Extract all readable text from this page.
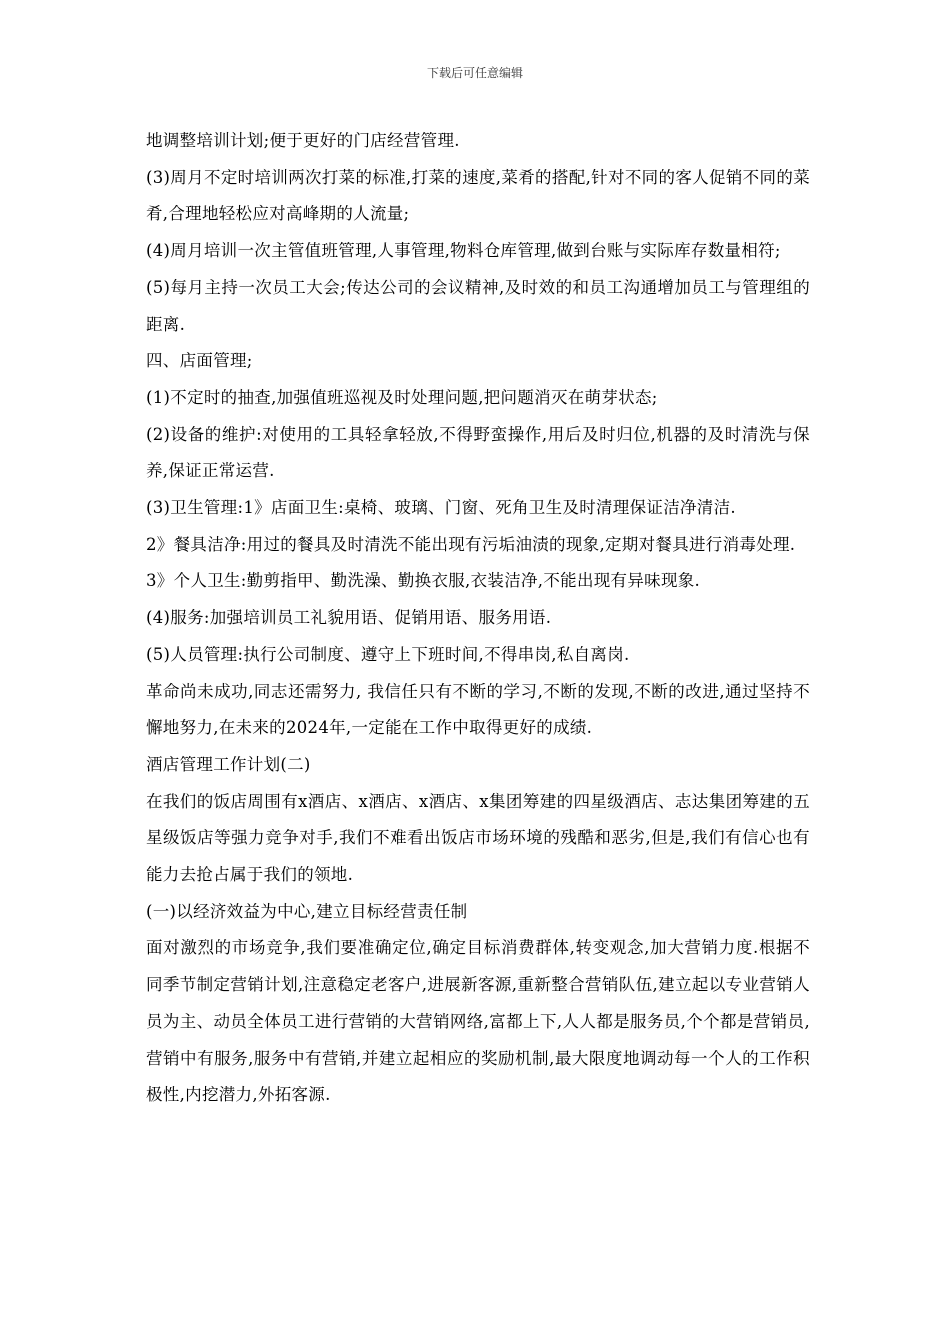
下载后可任意编辑

地调整培训计划;便于更好的门店经营管理.

(3)周月不定时培训两次打菜的标准,打菜的速度,菜肴的搭配,针对不同的客人促销不同的菜肴,合理地轻松应对高峰期的人流量;

(4)周月培训一次主管值班管理,人事管理,物料仓库管理,做到台账与实际库存数量相符;

(5)每月主持一次员工大会;传达公司的会议精神,及时效的和员工沟通增加员工与管理组的距离.

四、店面管理;

(1)不定时的抽查,加强值班巡视及时处理问题,把问题消灭在萌芽状态;

(2)设备的维护:对使用的工具轻拿轻放,不得野蛮操作,用后及时归位,机器的及时清洗与保养,保证正常运营.

(3)卫生管理:1》店面卫生:桌椅、玻璃、门窗、死角卫生及时清理保证洁净清洁.

2》餐具洁净:用过的餐具及时清洗不能出现有污垢油渍的现象,定期对餐具进行消毒处理.

3》个人卫生:勤剪指甲、勤洗澡、勤换衣服,衣装洁净,不能出现有异味现象.

(4)服务:加强培训员工礼貌用语、促销用语、服务用语.

(5)人员管理:执行公司制度、遵守上下班时间,不得串岗,私自离岗.

革命尚未成功,同志还需努力, 我信任只有不断的学习,不断的发现,不断的改进,通过坚持不懈地努力,在未来的2024年,一定能在工作中取得更好的成绩.

酒店管理工作计划(二)

在我们的饭店周围有x酒店、x酒店、x酒店、x集团筹建的四星级酒店、志达集团筹建的五星级饭店等强力竞争对手,我们不难看出饭店市场环境的残酷和恶劣,但是,我们有信心也有能力去抢占属于我们的领地.

(一)以经济效益为中心,建立目标经营责任制

面对激烈的市场竞争,我们要准确定位,确定目标消费群体,转变观念,加大营销力度.根据不同季节制定营销计划,注意稳定老客户,进展新客源,重新整合营销队伍,建立起以专业营销人员为主、动员全体员工进行营销的大营销网络,富都上下,人人都是服务员,个个都是营销员,营销中有服务,服务中有营销,并建立起相应的奖励机制,最大限度地调动每一个人的工作积极性,内挖潜力,外拓客源.
